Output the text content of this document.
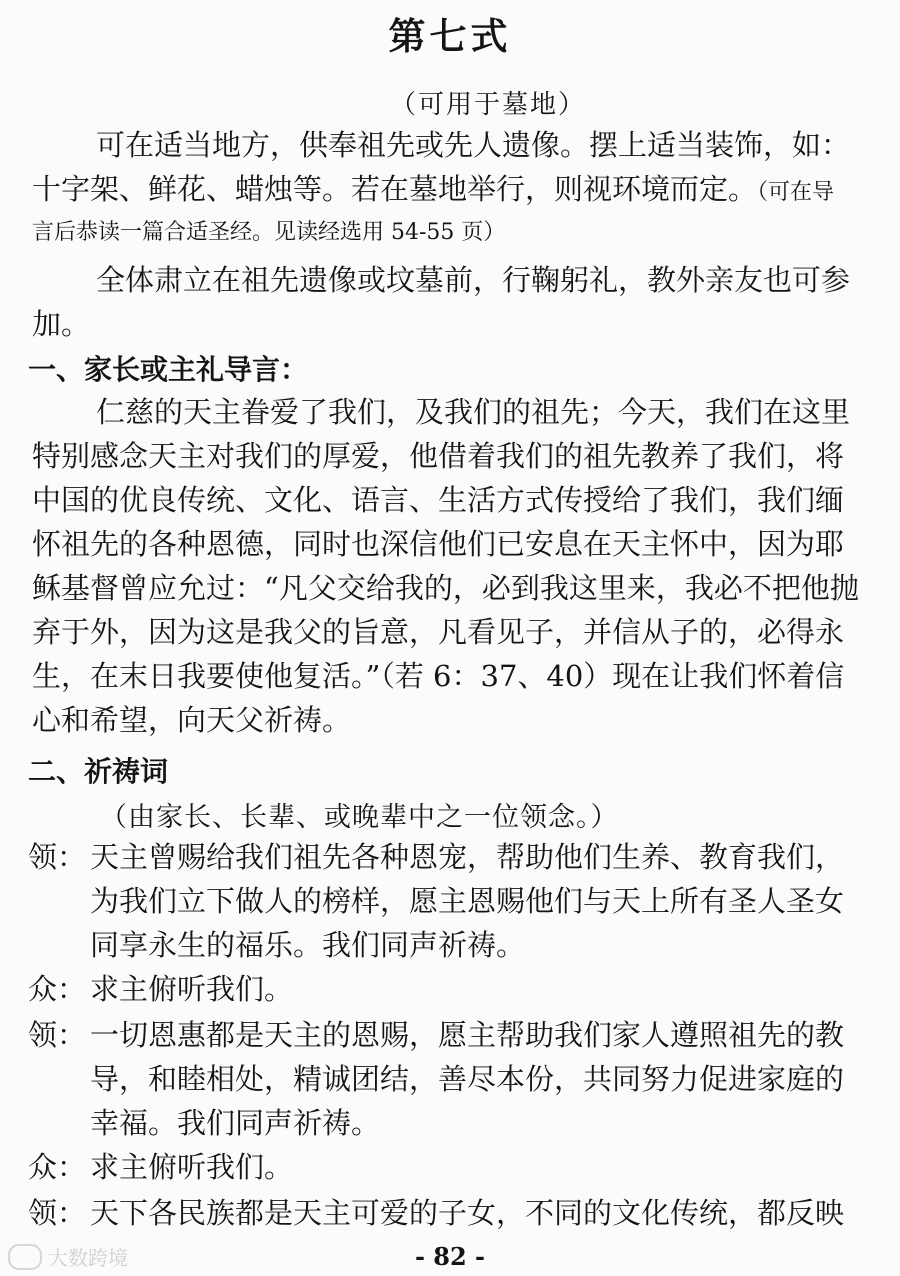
第七式
（可用于墓地）
可在适当地方，供奉祖先或先人遗像。摆上适当装饰，如：
十字架、鲜花、蜡烛等。若在墓地举行，则视环境而定。（可在导
言后恭读一篇合适圣经。见读经选用 54-55 页）
全体肃立在祖先遗像或坟墓前，行鞠躬礼，教外亲友也可参
加。
一、家长或主礼导言：
仁慈的天主眷爱了我们，及我们的祖先；今天，我们在这里
特别感念天主对我们的厚爱，他借着我们的祖先教养了我们，将
中国的优良传统、文化、语言、生活方式传授给了我们，我们缅
怀祖先的各种恩德，同时也深信他们已安息在天主怀中，因为耶
稣基督曾应允过：“凡父交给我的，必到我这里来，我必不把他抛
弃于外，因为这是我父的旨意，凡看见子，并信从子的，必得永
生，在末日我要使他复活。”（若 6：37、40）现在让我们怀着信
心和希望，向天父祈祷。
二、祈祷词
（由家长、长辈、或晚辈中之一位领念。）
领： 天主曾赐给我们祖先各种恩宠，帮助他们生养、教育我们，
为我们立下做人的榜样，愿主恩赐他们与天上所有圣人圣女
同享永生的福乐。我们同声祈祷。
众： 求主俯听我们。
领： 一切恩惠都是天主的恩赐，愿主帮助我们家人遵照祖先的教
导，和睦相处，精诚团结，善尽本份，共同努力促进家庭的
幸福。我们同声祈祷。
众： 求主俯听我们。
领： 天下各民族都是天主可爱的子女，不同的文化传统，都反映
大数跨境	- 82 -
